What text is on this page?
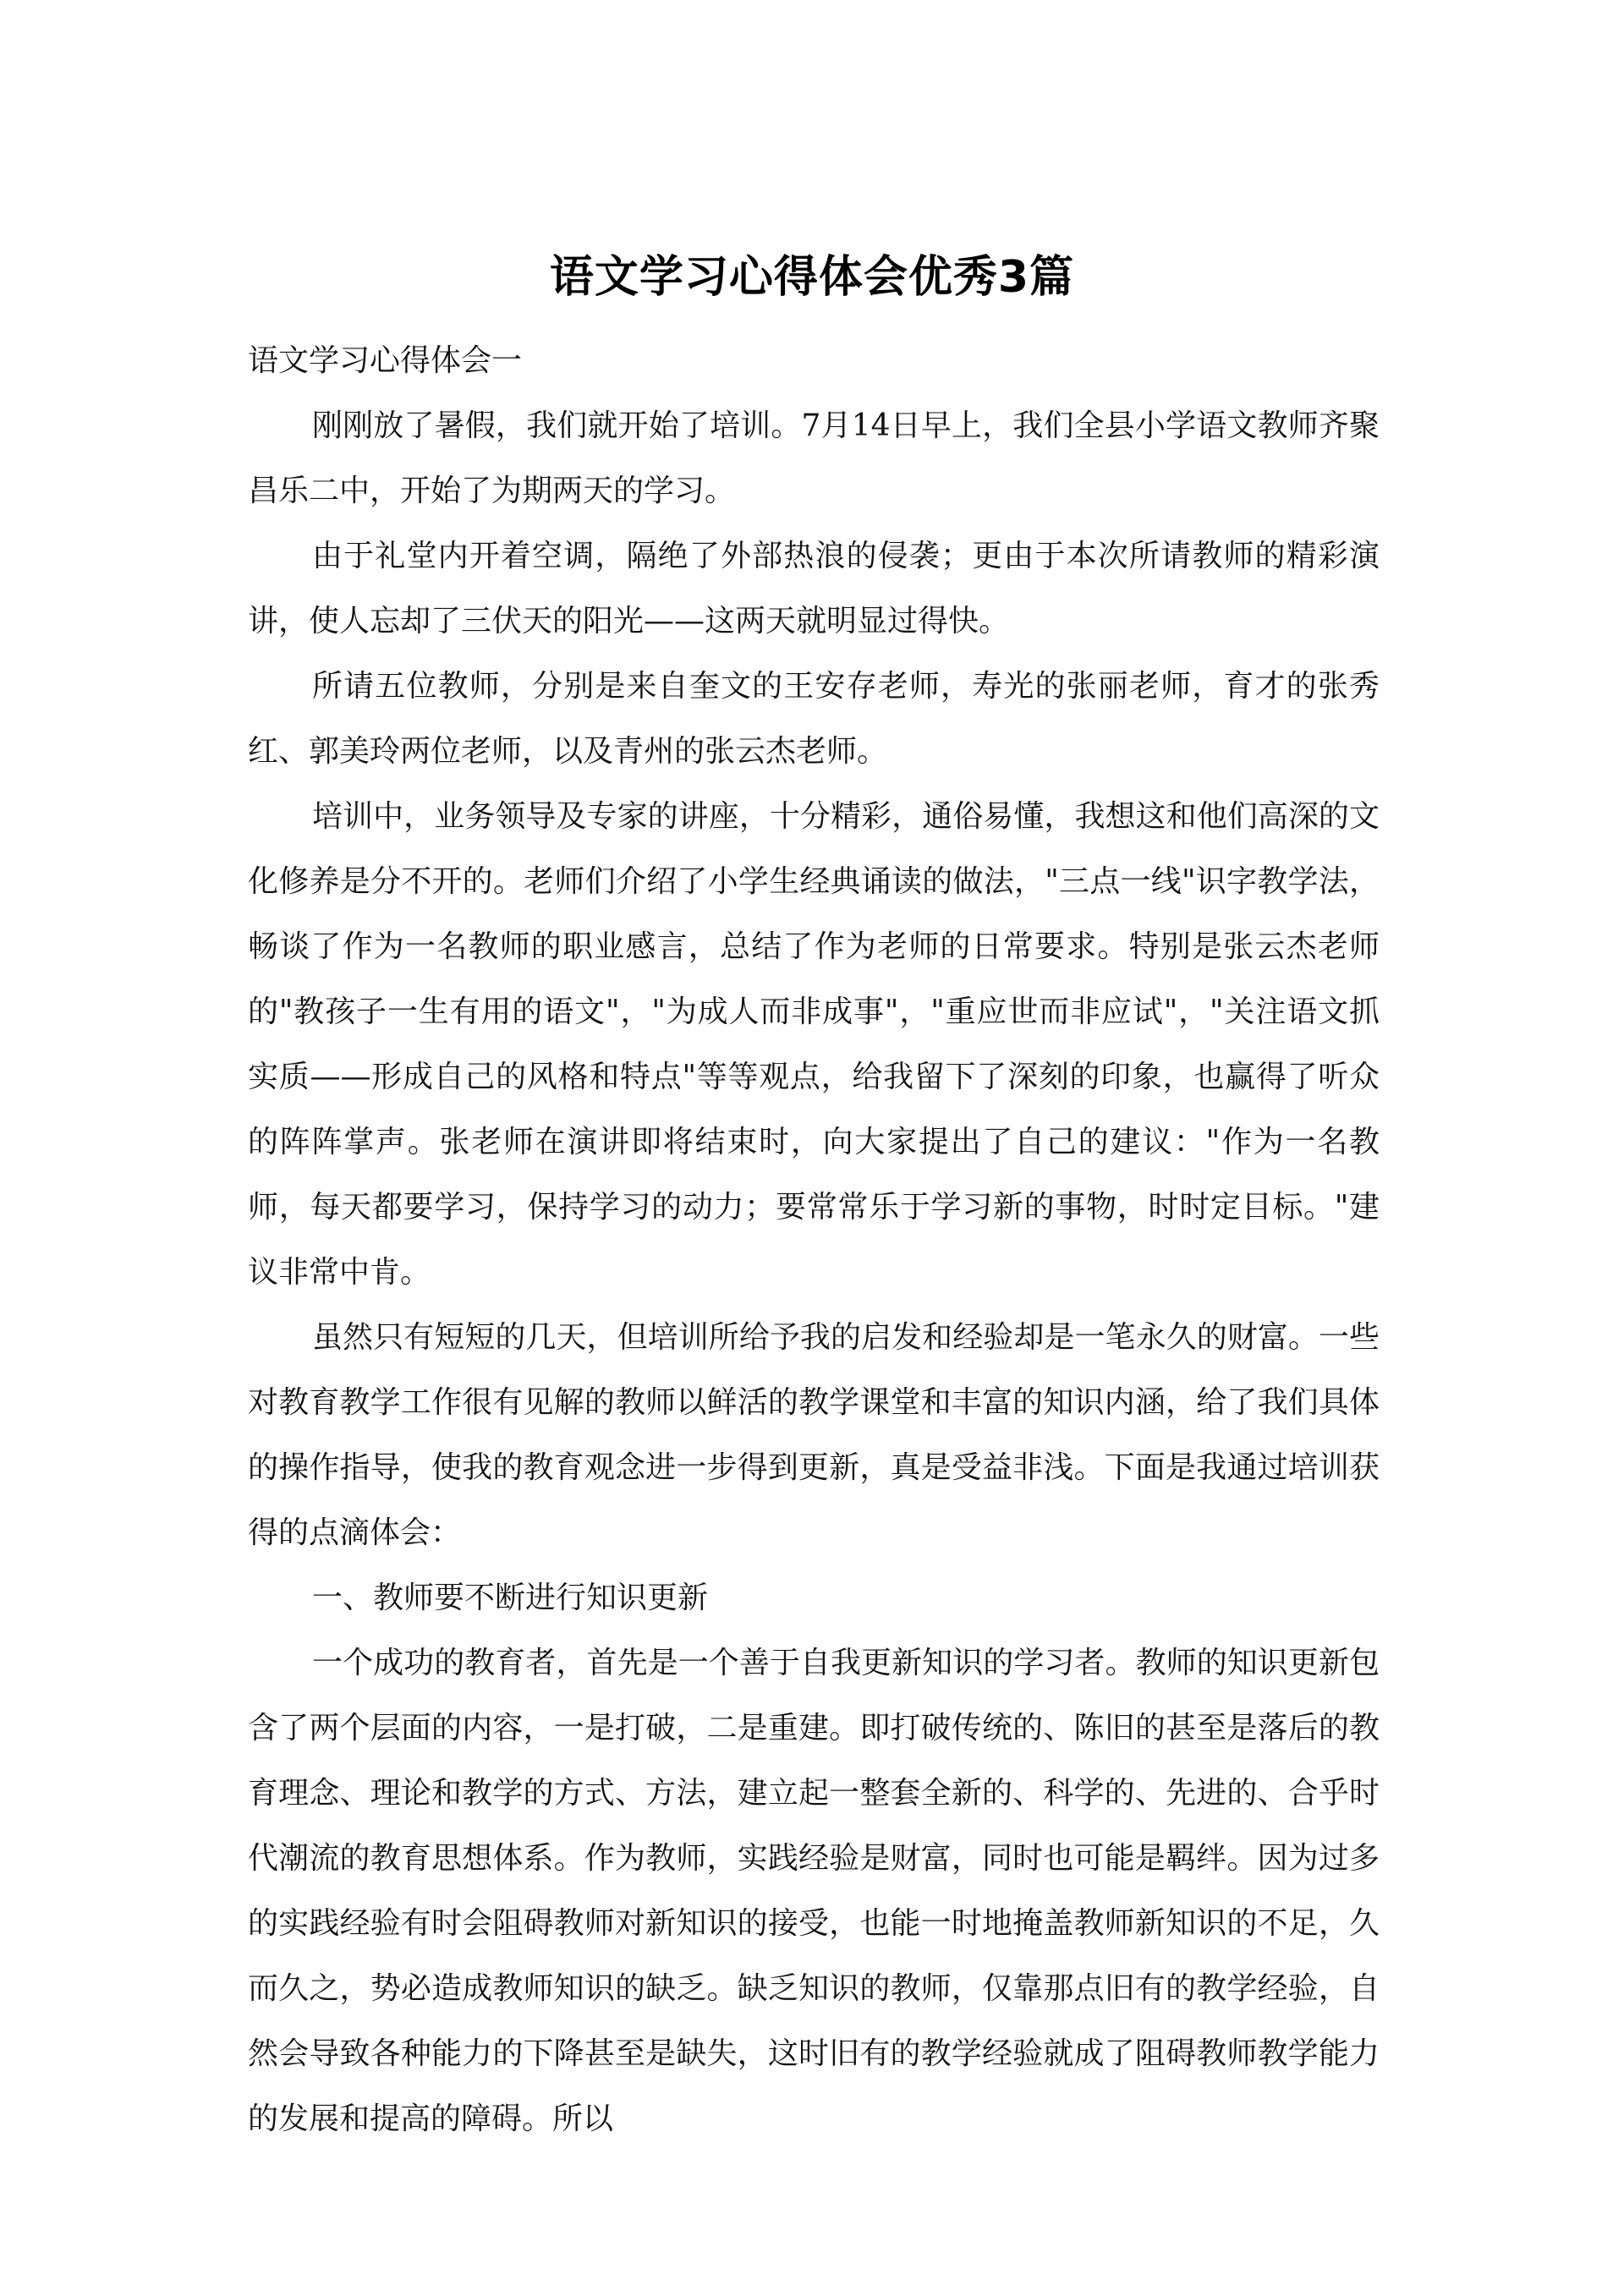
语文学习心得体会优秀3篇

语文学习心得体会一

刚刚放了暑假，我们就开始了培训。7月14日早上，我们全县小学语文教师齐聚昌乐二中，开始了为期两天的学习。

由于礼堂内开着空调，隔绝了外部热浪的侵袭；更由于本次所请教师的精彩演讲，使人忘却了三伏天的阳光——这两天就明显过得快。

所请五位教师，分别是来自奎文的王安存老师，寿光的张丽老师，育才的张秀红、郭美玲两位老师，以及青州的张云杰老师。

培训中，业务领导及专家的讲座，十分精彩，通俗易懂，我想这和他们高深的文化修养是分不开的。老师们介绍了小学生经典诵读的做法，"三点一线"识字教学法，畅谈了作为一名教师的职业感言，总结了作为老师的日常要求。特别是张云杰老师的"教孩子一生有用的语文"，"为成人而非成事"，"重应世而非应试"，"关注语文抓实质——形成自己的风格和特点"等等观点，给我留下了深刻的印象，也赢得了听众的阵阵掌声。张老师在演讲即将结束时，向大家提出了自己的建议："作为一名教师，每天都要学习，保持学习的动力；要常常乐于学习新的事物，时时定目标。"建议非常中肯。

虽然只有短短的几天，但培训所给予我的启发和经验却是一笔永久的财富。一些对教育教学工作很有见解的教师以鲜活的教学课堂和丰富的知识内涵，给了我们具体的操作指导，使我的教育观念进一步得到更新，真是受益非浅。下面是我通过培训获得的点滴体会：

一、教师要不断进行知识更新

一个成功的教育者，首先是一个善于自我更新知识的学习者。教师的知识更新包含了两个层面的内容，一是打破，二是重建。即打破传统的、陈旧的甚至是落后的教育理念、理论和教学的方式、方法，建立起一整套全新的、科学的、先进的、合乎时代潮流的教育思想体系。作为教师，实践经验是财富，同时也可能是羁绊。因为过多的实践经验有时会阻碍教师对新知识的接受，也能一时地掩盖教师新知识的不足，久而久之，势必造成教师知识的缺乏。缺乏知识的教师，仅靠那点旧有的教学经验，自然会导致各种能力的下降甚至是缺失，这时旧有的教学经验就成了阻碍教师教学能力的发展和提高的障碍。所以
